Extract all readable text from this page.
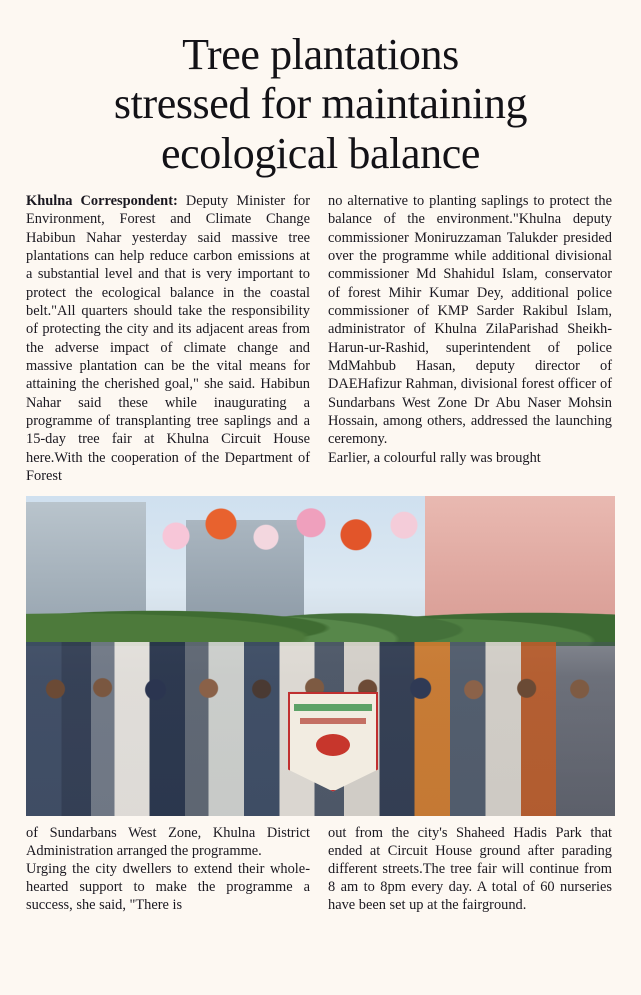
Tree plantations
stressed for maintaining
ecological balance

Khulna Correspondent: Deputy Minister for Environment, Forest and Climate Change Habibun Nahar yesterday said massive tree plantations can help reduce carbon emissions at a substantial level and that is very important to protect the ecological balance in the coastal belt."All quarters should take the responsibility of protecting the city and its adjacent areas from the adverse impact of climate change and massive plantation can be the vital means for attaining the cherished goal," she said. Habibun Nahar said these while inaugurating a programme of transplanting tree saplings and a 15-day tree fair at Khulna Circuit House here.With the cooperation of the Department of Forest

no alternative to planting saplings to protect the balance of the environment."Khulna deputy commissioner Moniruzzaman Talukder presided over the programme while additional divisional commissioner Md Shahidul Islam, conservator of forest Mihir Kumar Dey, additional police commissioner of KMP Sarder Rakibul Islam, administrator of Khulna ZilaParishad Sheikh-Harun-ur-Rashid, superintendent of police MdMahbub Hasan, deputy director of DAEHafizur Rahman, divisional forest officer of Sundarbans West Zone Dr Abu Naser Mohsin Hossain, among others, addressed the launching ceremony.

Earlier, a colourful rally was brought

of Sundarbans West Zone, Khulna District Administration arranged the programme.

Urging the city dwellers to extend their whole-hearted support to make the programme a success, she said, "There is

out from the city's Shaheed Hadis Park that ended at Circuit House ground after parading different streets.The tree fair will continue from 8 am to 8pm every day. A total of 60 nurseries have been set up at the fairground.
